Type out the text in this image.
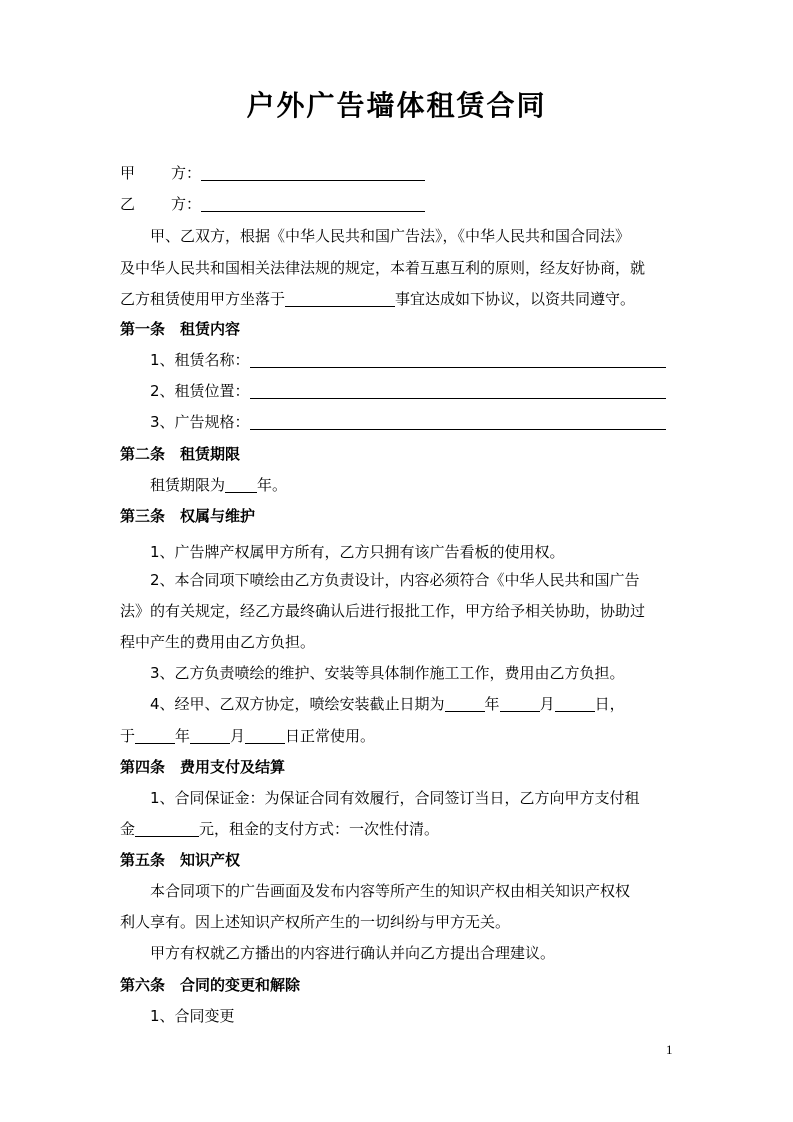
户外广告墙体租赁合同
甲 方：
乙 方：
甲、乙双方，根据《中华人民共和国广告法》，《中华人民共和国合同法》
及中华人民共和国相关法律法规的规定，本着互惠互利的原则，经友好协商，就
乙方租赁使用甲方坐落于	事宜达成如下协议，以资共同遵守。
第一条　租赁内容
1、租赁名称：
2、租赁位置：
3、广告规格：
第二条　租赁期限
租赁期限为 年。
第三条　权属与维护
1、广告牌产权属甲方所有，乙方只拥有该广告看板的使用权。
2、本合同项下喷绘由乙方负责设计，内容必须符合《中华人民共和国广告
法》的有关规定，经乙方最终确认后进行报批工作，甲方给予相关协助，协助过
程中产生的费用由乙方负担。
3、乙方负责喷绘的维护、安装等具体制作施工工作，费用由乙方负担。
4、经甲、乙双方协定，喷绘安装截止日期为	年	月	日，
于	年	月	日正常使用。
第四条　费用支付及结算
1、合同保证金：为保证合同有效履行，合同签订当日，乙方向甲方支付租
金	元，租金的支付方式：一次性付清。
第五条　知识产权
本合同项下的广告画面及发布内容等所产生的知识产权由相关知识产权权
利人享有。因上述知识产权所产生的一切纠纷与甲方无关。
甲方有权就乙方播出的内容进行确认并向乙方提出合理建议。
第六条　合同的变更和解除
1、合同变更
1
